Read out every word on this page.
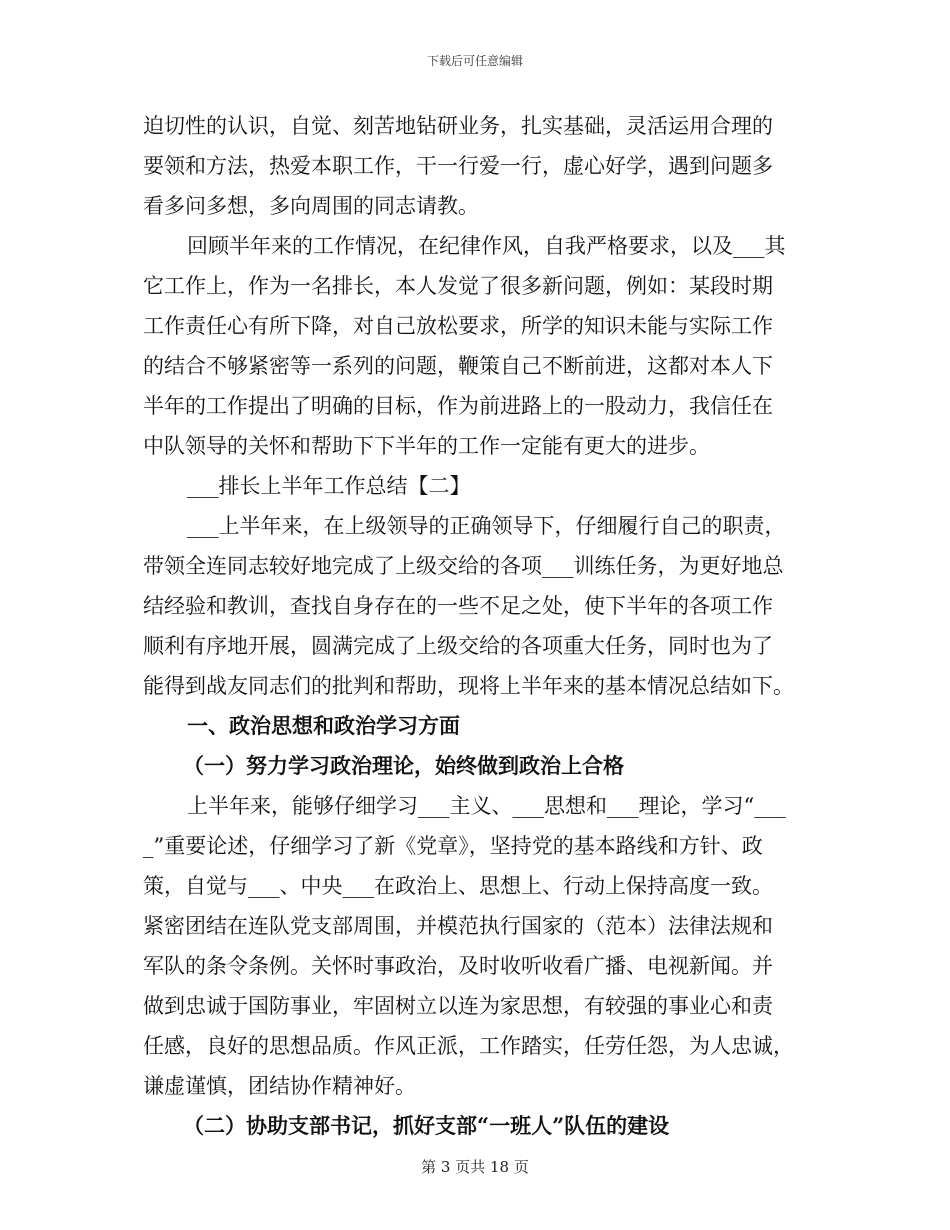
下载后可任意编辑
迫切性的认识，自觉、刻苦地钻研业务，扎实基础，灵活运用合理的
要领和方法，热爱本职工作，干一行爱一行，虚心好学，遇到问题多
看多问多想，多向周围的同志请教。
回顾半年来的工作情况，在纪律作风，自我严格要求，以及___其
它工作上，作为一名排长，本人发觉了很多新问题，例如：某段时期
工作责任心有所下降，对自己放松要求，所学的知识未能与实际工作
的结合不够紧密等一系列的问题，鞭策自己不断前进，这都对本人下
半年的工作提出了明确的目标，作为前进路上的一股动力，我信任在
中队领导的关怀和帮助下下半年的工作一定能有更大的进步。
___排长上半年工作总结【二】
___上半年来，在上级领导的正确领导下，仔细履行自己的职责，
带领全连同志较好地完成了上级交给的各项___训练任务，为更好地总
结经验和教训，查找自身存在的一些不足之处，使下半年的各项工作
顺利有序地开展，圆满完成了上级交给的各项重大任务，同时也为了
能得到战友同志们的批判和帮助，现将上半年来的基本情况总结如下。
一、政治思想和政治学习方面
（一）努力学习政治理论，始终做到政治上合格
上半年来，能够仔细学习___主义、___思想和___理论，学习“___
_”重要论述，仔细学习了新《党章》，坚持党的基本路线和方针、政
策，自觉与___、中央___在政治上、思想上、行动上保持高度一致。
紧密团结在连队党支部周围，并模范执行国家的（范本）法律法规和
军队的条令条例。关怀时事政治，及时收听收看广播、电视新闻。并
做到忠诚于国防事业，牢固树立以连为家思想，有较强的事业心和责
任感，良好的思想品质。作风正派，工作踏实，任劳任怨，为人忠诚，
谦虚谨慎，团结协作精神好。
（二）协助支部书记，抓好支部“一班人”队伍的建设
第 3 页共 18 页
